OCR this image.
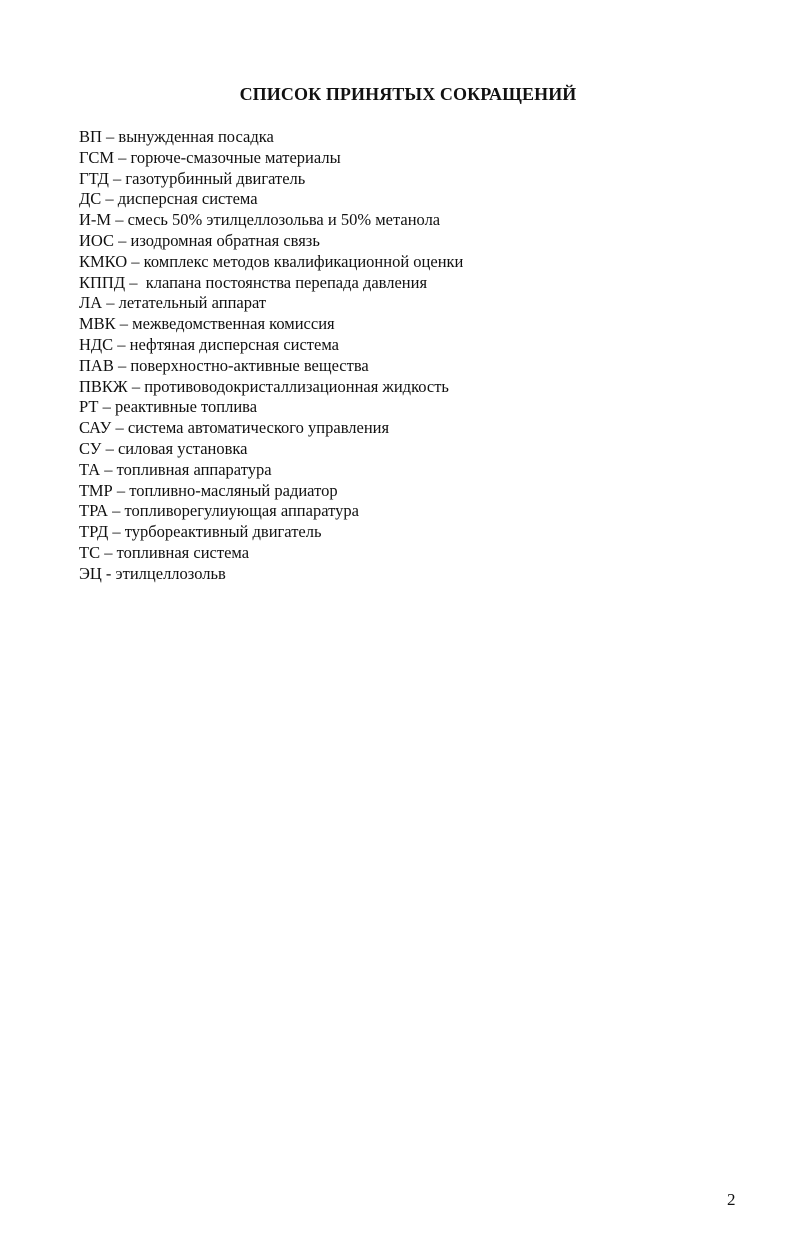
СПИСОК ПРИНЯТЫХ СОКРАЩЕНИЙ
ВП – вынужденная посадка
ГСМ – горюче-смазочные материалы
ГТД – газотурбинный двигатель
ДС – дисперсная система
И-М – смесь 50% этилцеллозольва и 50% метанола
ИОС – изодромная обратная связь
КМКО – комплекс методов квалификационной оценки
КППД –  клапана постоянства перепада давления
ЛА – летательный аппарат
МВК – межведомственная комиссия
НДС – нефтяная дисперсная система
ПАВ – поверхностно-активные вещества
ПВКЖ – противоводокристаллизационная жидкость
РТ – реактивные топлива
САУ – система автоматического управления
СУ – силовая установка
ТА – топливная аппаратура
ТМР – топливно-масляный радиатор
ТРА – топливорегулиующая аппаратура
ТРД – турбореактивный двигатель
ТС – топливная система
ЭЦ - этилцеллозольв
2
